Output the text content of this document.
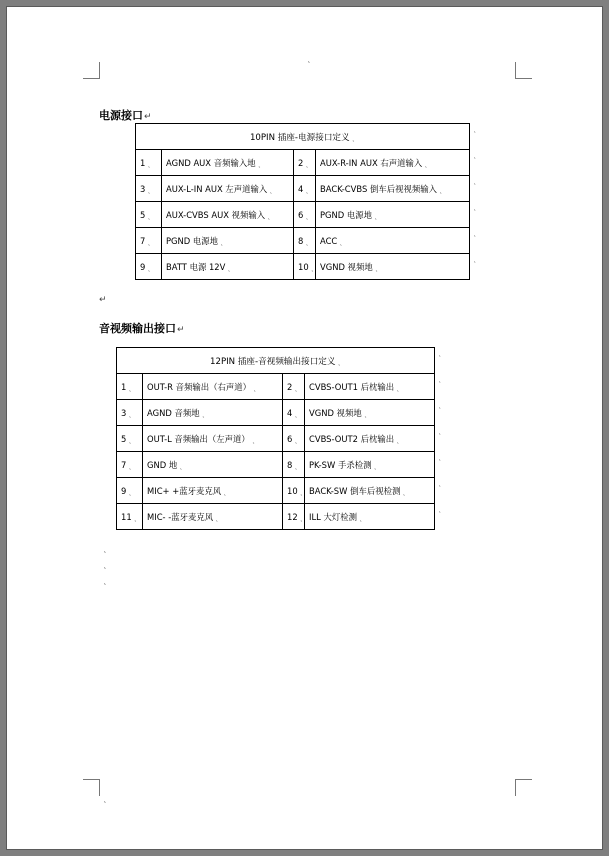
˛
电源接口↵
10PIN 插座-电源接口定义 ˛			
1 ˛	AGND AUX 音频输入地 ˛	2 ˛	AUX-R-IN AUX 右声道输入 ˛
3 ˛	AUX-L-IN AUX 左声道输入 ˛	4 ˛	BACK-CVBS 倒车后视视频输入 ˛
5 ˛	AUX-CVBS AUX 视频输入 ˛	6 ˛	PGND 电源地 ˛
7 ˛	PGND 电源地 ˛	8 ˛	ACC ˛
9 ˛	BATT 电源 12V ˛	10 ˛	VGND 视频地 ˛
↵
音视频输出接口↵
12PIN 插座-音视频输出接口定义 ˛			
1 ˛	OUT-R 音频输出（右声道） ˛	2 ˛	CVBS-OUT1 后枕输出 ˛
3 ˛	AGND 音频地 ˛	4 ˛	VGND 视频地 ˛
5 ˛	OUT-L 音频输出（左声道） ˛	6 ˛	CVBS-OUT2 后枕输出 ˛
7 ˛	GND 地 ˛	8 ˛	PK-SW 手杀检测 ˛
9 ˛	MIC+ +蓝牙麦克风 ˛	10 ˛	BACK-SW 倒车后视检测 ˛
11 ˛	MIC- -蓝牙麦克风 ˛	12 ˛	ILL 大灯检测 ˛
˛
˛
˛
˛
˛
˛
˛
˛
˛
˛
˛
˛
˛
˛
˛
˛
˛
